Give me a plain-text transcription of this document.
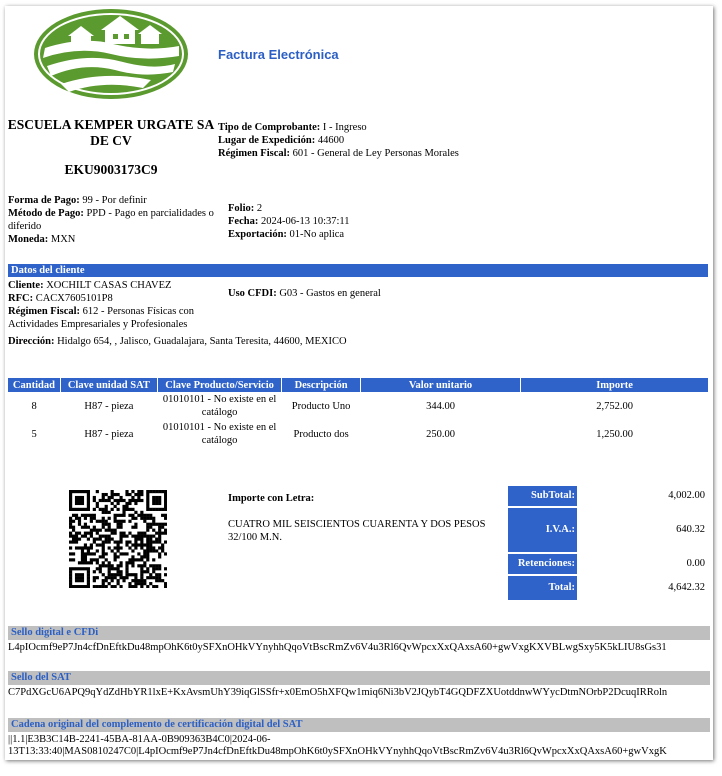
Factura Electrónica
ESCUELA KEMPER URGATE SA DE CV
EKU9003173C9
Tipo de Comprobante: I - Ingreso
Lugar de Expedición: 44600
Régimen Fiscal: 601 - General de Ley Personas Morales
Forma de Pago: 99 - Por definir
Método de Pago: PPD - Pago en parcialidades o diferido
Moneda: MXN
Folio: 2
Fecha: 2024-06-13 10:37:11
Exportación: 01-No aplica
Datos del cliente
Cliente: XOCHILT CASAS CHAVEZ
RFC: CACX7605101P8
Régimen Fiscal: 612 - Personas Físicas con Actividades Empresariales y Profesionales
Uso CFDI: G03 - Gastos en general
Dirección: Hidalgo 654, , Jalisco, Guadalajara, Santa Teresita, 44600, MEXICO
Cantidad	Clave unidad SAT	Clave Producto/Servicio	Descripción	Valor unitario	Importe
8	H87 - pieza	01010101 - No existe en el catálogo	Producto Uno	344.00	2,752.00
5	H87 - pieza	01010101 - No existe en el catálogo	Producto dos	250.00	1,250.00
Importe con Letra:
CUATRO MIL SEISCIENTOS CUARENTA Y DOS PESOS 32/100 M.N.
SubTotal:	4,002.00
I.V.A.:	640.32
Retenciones:	0.00
Total:	4,642.32
Sello digital e CFDi
L4pIOcmf9eP7Jn4cfDnEftkDu48mpOhK6t0ySFXnOHkVYnyhhQqoVtBscRmZv6V4u3Rl6QvWpcxXxQAxsA60+gwVxgKXVBLwgSxy5K5kLIU8sGs31
Sello del SAT
C7PdXGcU6APQ9qYdZdHbYR1lxE+KxAvsmUhY39iqGlSSfr+x0EmO5hXFQw1miq6Ni3bV2JQybT4GQDFZXUotddnwWYycDtmNOrbP2DcuqIRRoln
Cadena original del complemento de certificación digital del SAT
||1.1|E3B3C14B-2241-45BA-81AA-0B909363B4C0|2024-06-
13T13:33:40|MAS0810247C0|L4pIOcmf9eP7Jn4cfDnEftkDu48mpOhK6t0ySFXnOHkVYnyhhQqoVtBscRmZv6V4u3Rl6QvWpcxXxQAxsA60+gwVxgK
